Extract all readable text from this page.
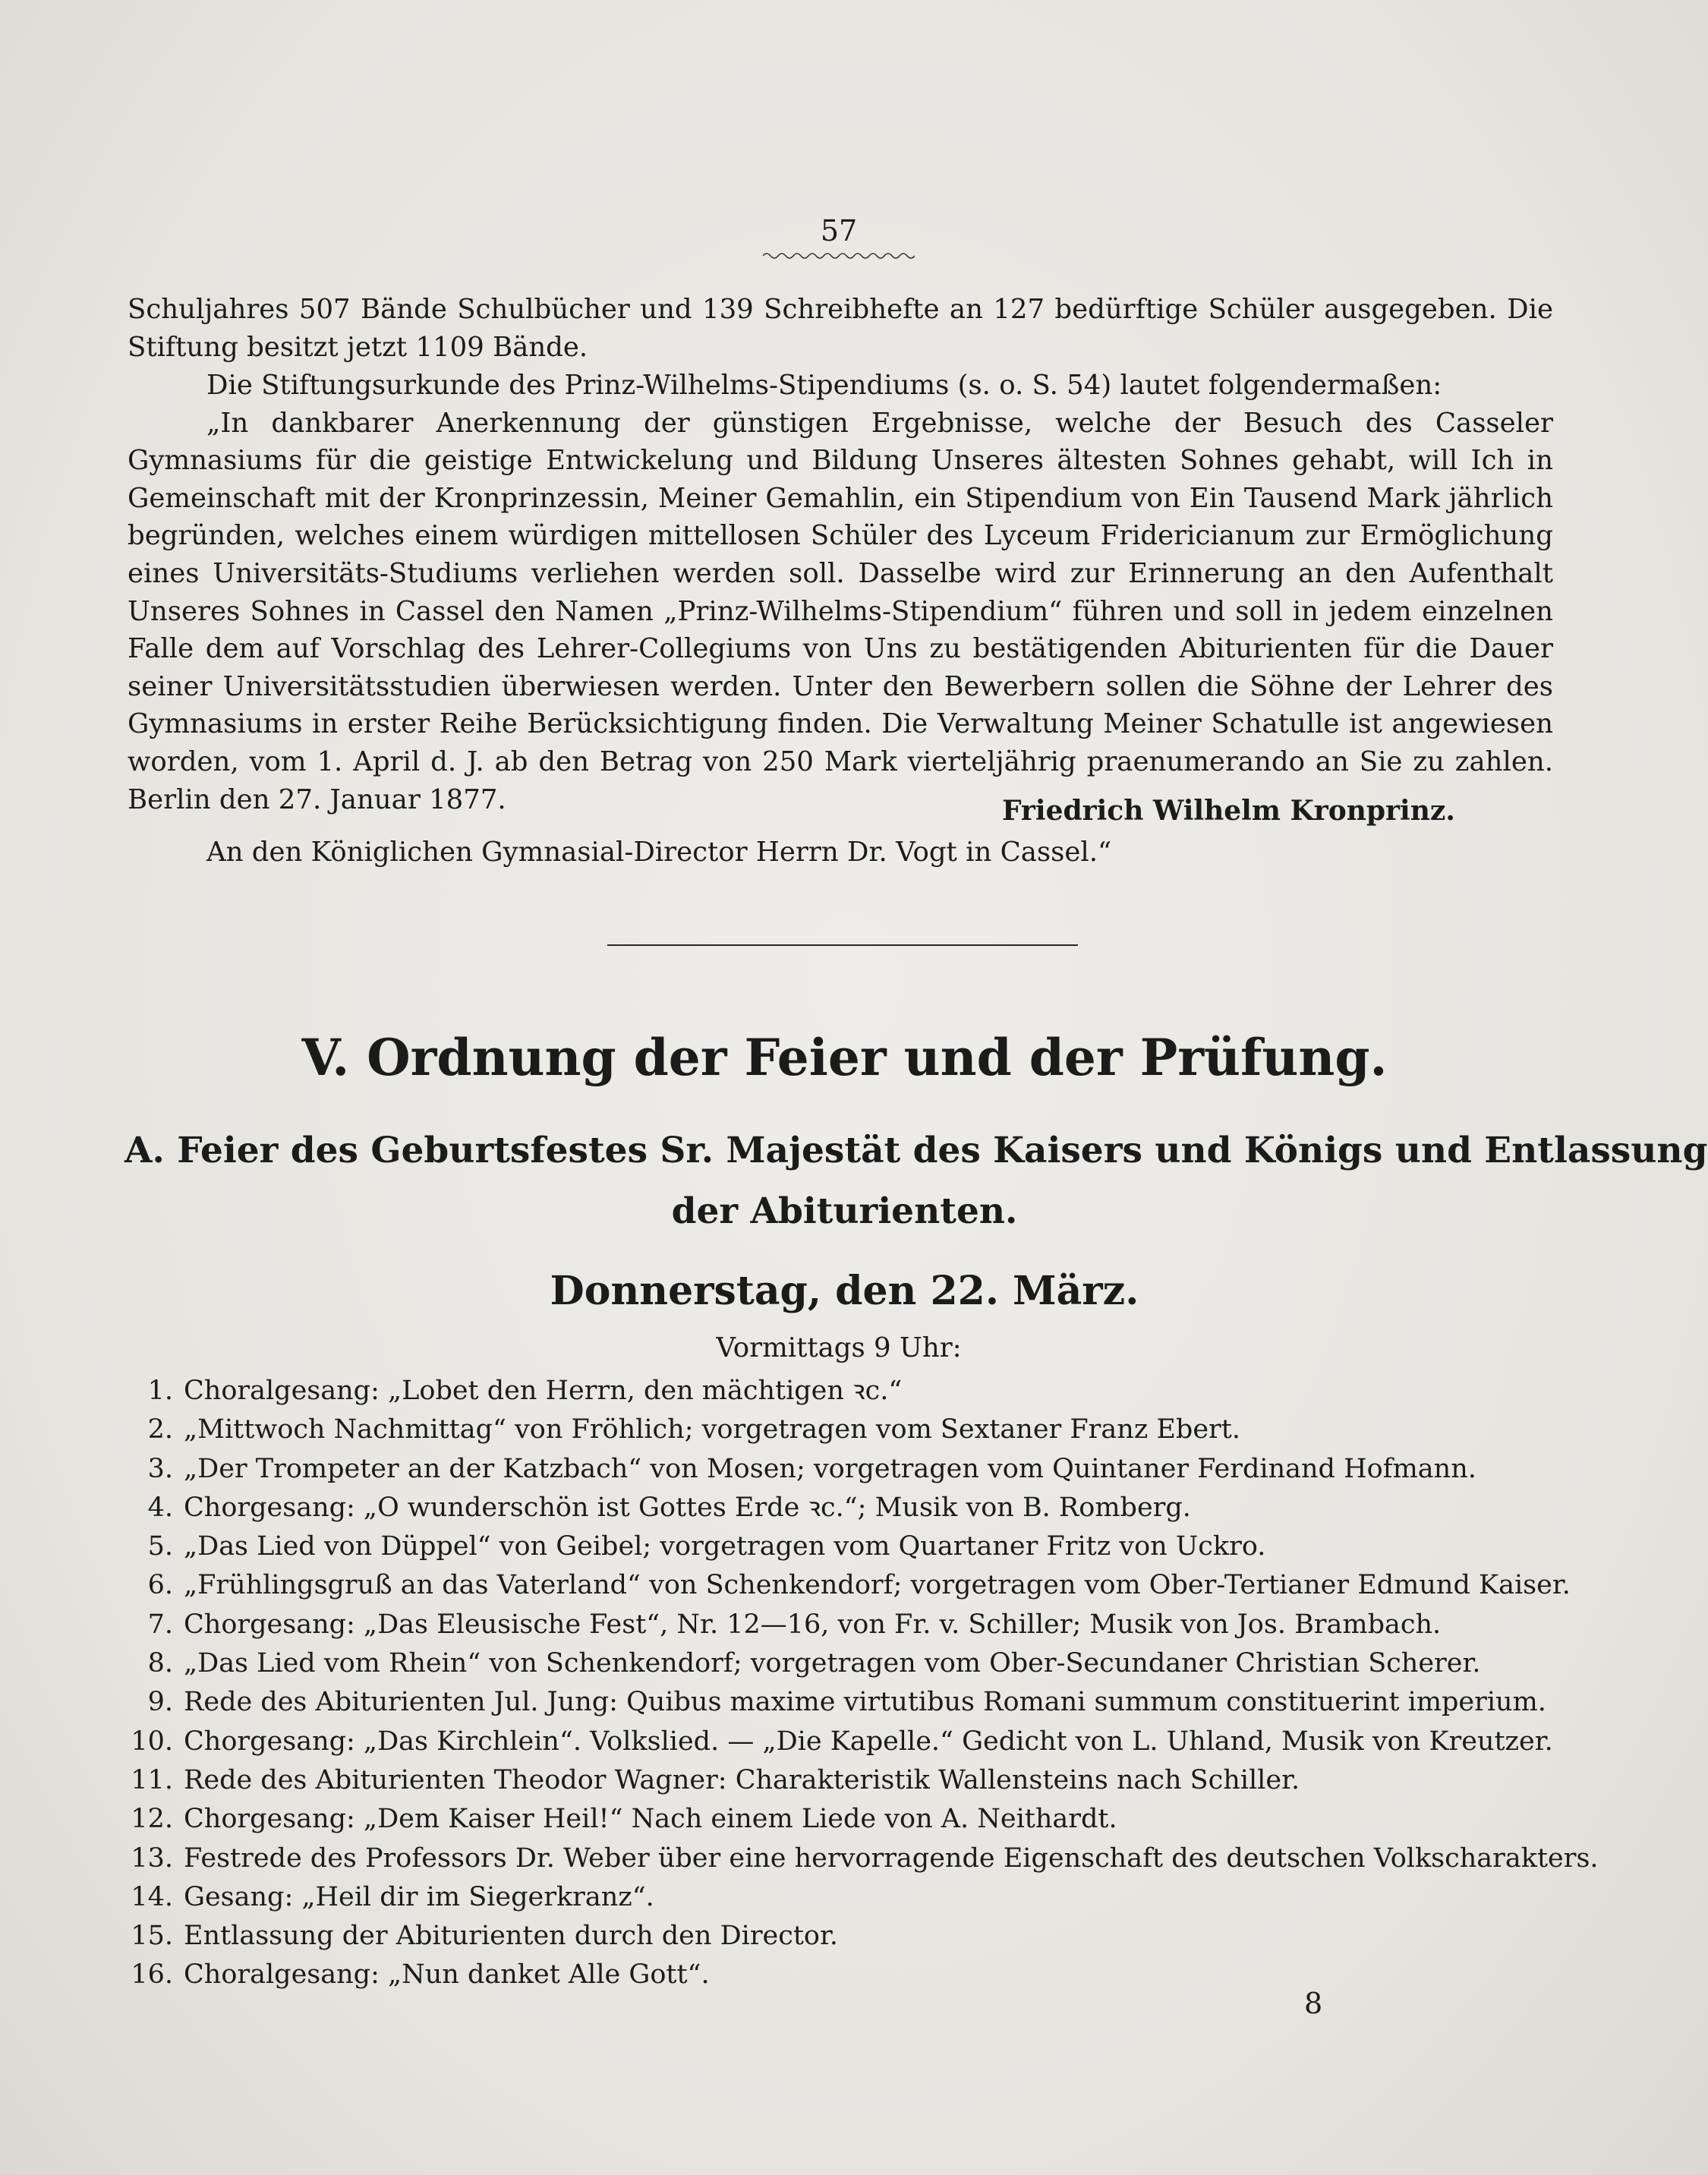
57

Schuljahres 507 Bände Schulbücher und 139 Schreibhefte an 127 bedürftige Schüler ausgegeben. Die Stiftung besitzt jetzt 1109 Bände.

Die Stiftungsurkunde des Prinz-Wilhelms-Stipendiums (s. o. S. 54) lautet folgendermaßen:

„In dankbarer Anerkennung der günstigen Ergebnisse, welche der Besuch des Casseler Gymnasiums für die geistige Entwickelung und Bildung Unseres ältesten Sohnes gehabt, will Ich in Gemeinschaft mit der Kronprinzessin, Meiner Gemahlin, ein Stipendium von Ein Tausend Mark jährlich begründen, welches einem würdigen mittellosen Schüler des Lyceum Fridericianum zur Ermöglichung eines Universitäts-Studiums verliehen werden soll. Dasselbe wird zur Erinnerung an den Aufenthalt Unseres Sohnes in Cassel den Namen „Prinz-Wilhelms-Stipendium“ führen und soll in jedem einzelnen Falle dem auf Vorschlag des Lehrer-Collegiums von Uns zu bestätigenden Abiturienten für die Dauer seiner Universitätsstudien überwiesen werden. Unter den Bewerbern sollen die Söhne der Lehrer des Gymnasiums in erster Reihe Berücksichtigung finden. Die Verwaltung Meiner Schatulle ist angewiesen worden, vom 1. April d. J. ab den Betrag von 250 Mark vierteljährig praenumerando an Sie zu zahlen. Berlin den 27. Januar 1877.	Friedrich Wilhelm Kronprinz.
An den Königlichen Gymnasial-Director Herrn Dr. Vogt in Cassel.“
V. Ordnung der Feier und der Prüfung.
A. Feier des Geburtsfestes Sr. Majestät des Kaisers und Königs und Entlassung
der Abiturienten.
Donnerstag, den 22. März.
Vormittags 9 Uhr:
1. Choralgesang: „Lobet den Herrn, den mächtigen ꝛc.“
2. „Mittwoch Nachmittag“ von Fröhlich; vorgetragen vom Sextaner Franz Ebert.
3. „Der Trompeter an der Katzbach“ von Mosen; vorgetragen vom Quintaner Ferdinand Hofmann.
4. Chorgesang: „O wunderschön ist Gottes Erde ꝛc.“; Musik von B. Romberg.
5. „Das Lied von Düppel“ von Geibel; vorgetragen vom Quartaner Fritz von Uckro.
6. „Frühlingsgruß an das Vaterland“ von Schenkendorf; vorgetragen vom Ober-Tertianer Edmund Kaiser.
7. Chorgesang: „Das Eleusische Fest“, Nr. 12—16, von Fr. v. Schiller; Musik von Jos. Brambach.
8. „Das Lied vom Rhein“ von Schenkendorf; vorgetragen vom Ober-Secundaner Christian Scherer.
9. Rede des Abiturienten Jul. Jung: Quibus maxime virtutibus Romani summum constituerint imperium.
10. Chorgesang: „Das Kirchlein“. Volkslied. — „Die Kapelle.“ Gedicht von L. Uhland, Musik von Kreutzer.
11. Rede des Abiturienten Theodor Wagner: Charakteristik Wallensteins nach Schiller.
12. Chorgesang: „Dem Kaiser Heil!“ Nach einem Liede von A. Neithardt.
13. Festrede des Professors Dr. Weber über eine hervorragende Eigenschaft des deutschen Volkscharakters.
14. Gesang: „Heil dir im Siegerkranz“.
15. Entlassung der Abiturienten durch den Director.
16. Choralgesang: „Nun danket Alle Gott“.
8
